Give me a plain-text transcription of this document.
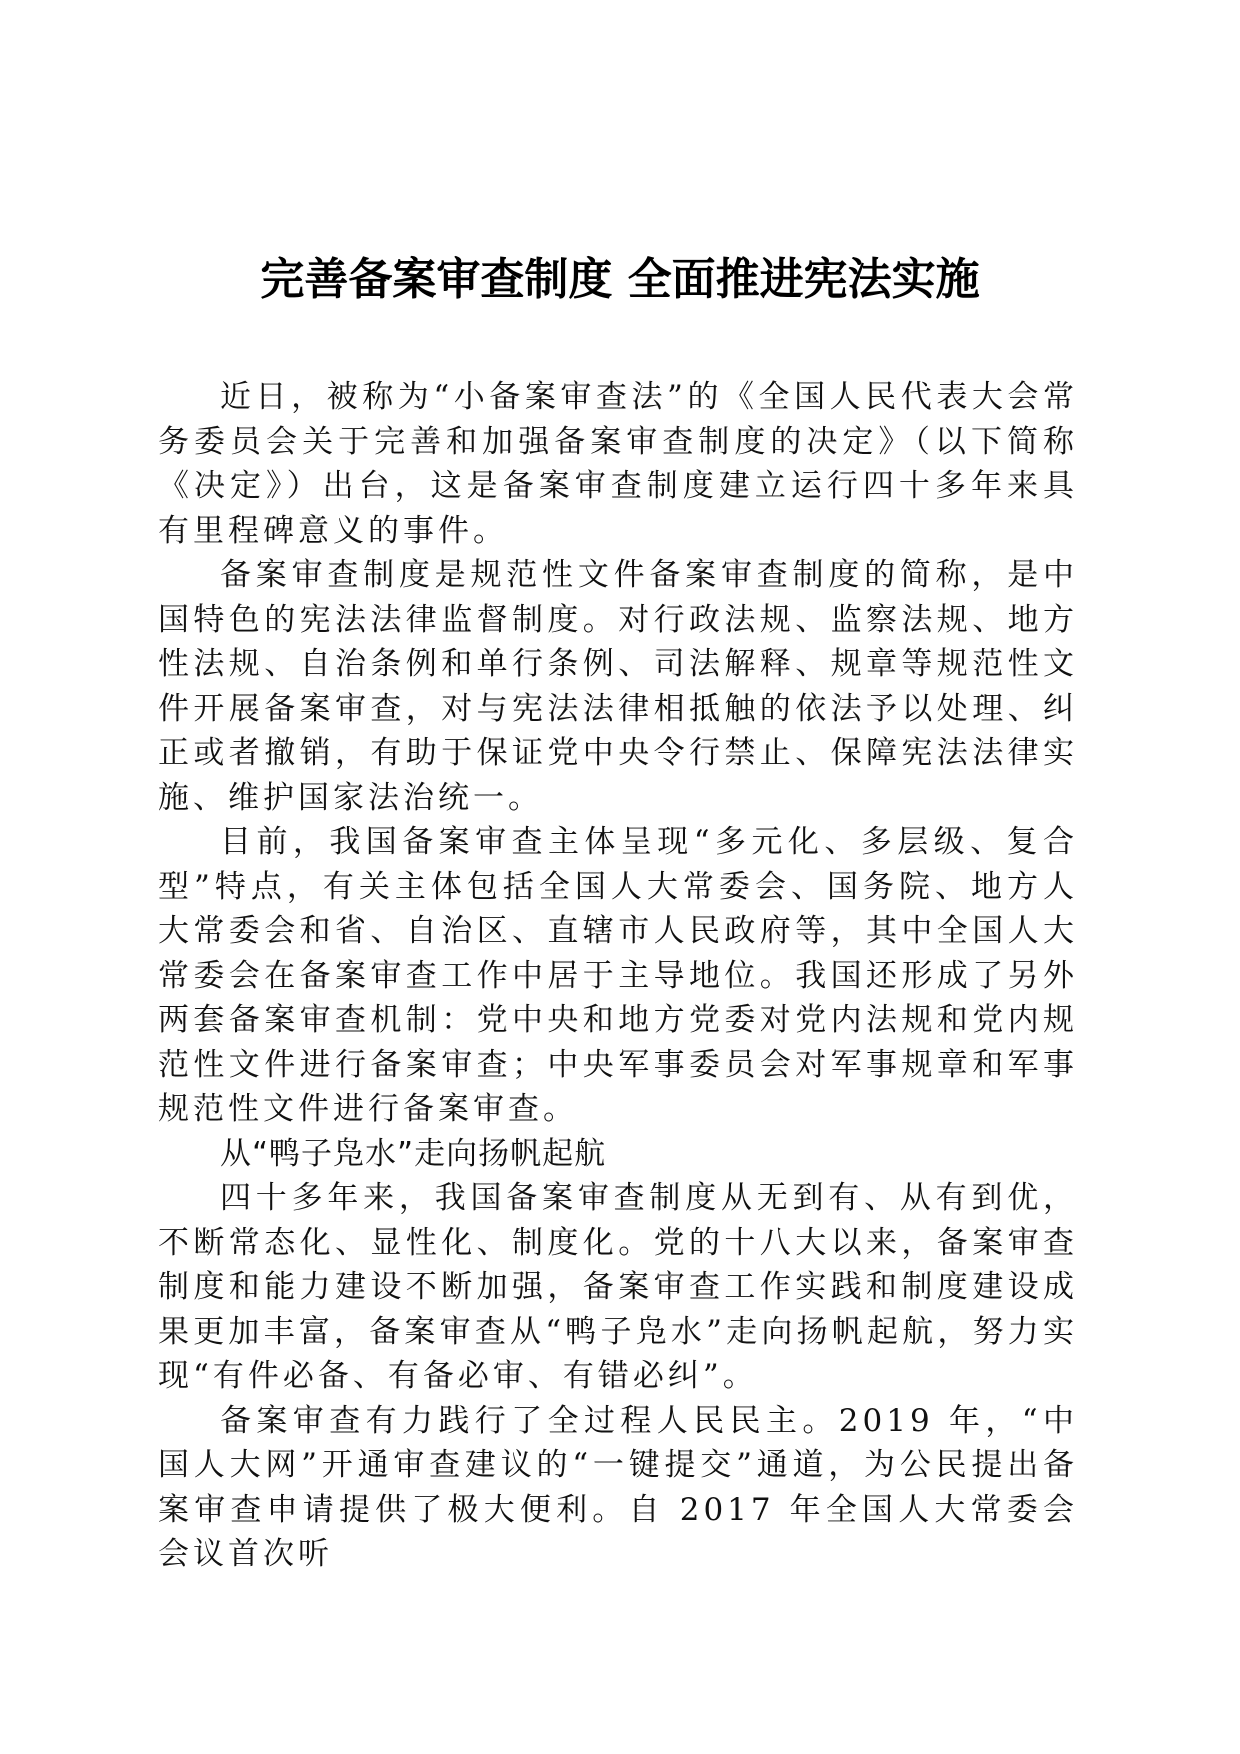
完善备案审查制度 全面推进宪法实施

近日，被称为“小备案审查法”的《全国人民代表大会常务委员会关于完善和加强备案审查制度的决定》（以下简称《决定》）出台，这是备案审查制度建立运行四十多年来具有里程碑意义的事件。

备案审查制度是规范性文件备案审查制度的简称，是中国特色的宪法法律监督制度。对行政法规、监察法规、地方性法规、自治条例和单行条例、司法解释、规章等规范性文件开展备案审查，对与宪法法律相抵触的依法予以处理、纠正或者撤销，有助于保证党中央令行禁止、保障宪法法律实施、维护国家法治统一。

目前，我国备案审查主体呈现“多元化、多层级、复合型”特点，有关主体包括全国人大常委会、国务院、地方人大常委会和省、自治区、直辖市人民政府等，其中全国人大常委会在备案审查工作中居于主导地位。我国还形成了另外两套备案审查机制：党中央和地方党委对党内法规和党内规范性文件进行备案审查；中央军事委员会对军事规章和军事规范性文件进行备案审查。

从“鸭子凫水”走向扬帆起航

四十多年来，我国备案审查制度从无到有、从有到优，不断常态化、显性化、制度化。党的十八大以来，备案审查制度和能力建设不断加强，备案审查工作实践和制度建设成果更加丰富，备案审查从“鸭子凫水”走向扬帆起航，努力实现“有件必备、有备必审、有错必纠”。

备案审查有力践行了全过程人民民主。2019 年，“中国人大网”开通审查建议的“一键提交”通道，为公民提出备案审查申请提供了极大便利。自 2017 年全国人大常委会会议首次听
